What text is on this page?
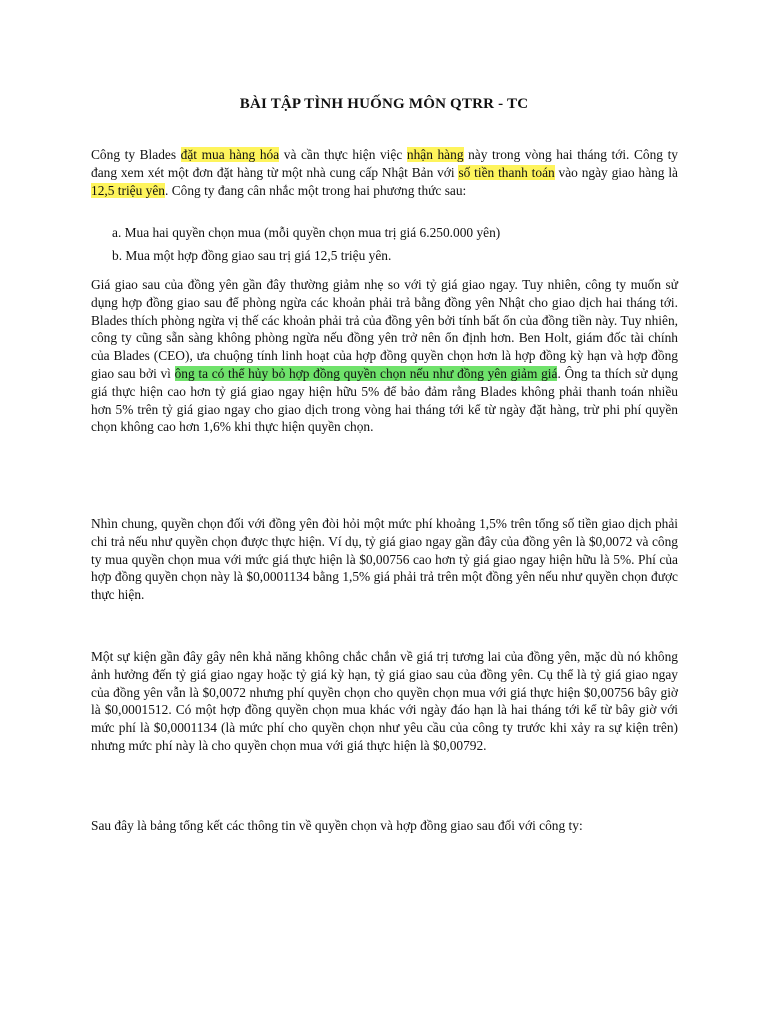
BÀI TẬP TÌNH HUỐNG MÔN QTRR - TC
Công ty Blades đặt mua hàng hóa và cần thực hiện việc nhận hàng này trong vòng hai tháng tới. Công ty đang xem xét một đơn đặt hàng từ một nhà cung cấp Nhật Bản với số tiền thanh toán vào ngày giao hàng là 12,5 triệu yên. Công ty đang cân nhắc một trong hai phương thức sau:
a. Mua hai quyền chọn mua (mỗi quyền chọn mua trị giá 6.250.000 yên)
b. Mua một hợp đồng giao sau trị giá 12,5 triệu yên.
Giá giao sau của đồng yên gần đây thường giảm nhẹ so với tỷ giá giao ngay. Tuy nhiên, công ty muốn sử dụng hợp đồng giao sau để phòng ngừa các khoản phải trả bằng đồng yên Nhật cho giao dịch hai tháng tới. Blades thích phòng ngừa vị thế các khoản phải trả của đồng yên bởi tính bất ổn của đồng tiền này. Tuy nhiên, công ty cũng sẵn sàng không phòng ngừa nếu đồng yên trở nên ổn định hơn. Ben Holt, giám đốc tài chính của Blades (CEO), ưa chuộng tính linh hoạt của hợp đồng quyền chọn hơn là hợp đồng kỳ hạn và hợp đồng giao sau bởi vì ông ta có thể hủy bỏ hợp đồng quyền chọn nếu như đồng yên giảm giá. Ông ta thích sử dụng giá thực hiện cao hơn tỷ giá giao ngay hiện hữu 5% để bảo đảm rằng Blades không phải thanh toán nhiều hơn 5% trên tỷ giá giao ngay cho giao dịch trong vòng hai tháng tới kể từ ngày đặt hàng, trừ phi phí quyền chọn không cao hơn 1,6% khi thực hiện quyền chọn.
Nhìn chung, quyền chọn đối với đồng yên đòi hỏi một mức phí khoảng 1,5% trên tổng số tiền giao dịch phải chi trả nếu như quyền chọn được thực hiện. Ví dụ, tỷ giá giao ngay gần đây của đồng yên là $0,0072 và công ty mua quyền chọn mua với mức giá thực hiện là $0,00756 cao hơn tỷ giá giao ngay hiện hữu là 5%. Phí của hợp đồng quyền chọn này là $0,0001134 bằng 1,5% giá phải trả trên một đồng yên nếu như quyền chọn được thực hiện.
Một sự kiện gần đây gây nên khả năng không chắc chắn về giá trị tương lai của đồng yên, mặc dù nó không ảnh hưởng đến tỷ giá giao ngay hoặc tỷ giá kỳ hạn, tỷ giá giao sau của đồng yên. Cụ thể là tỷ giá giao ngay của đồng yên vẫn là $0,0072 nhưng phí quyền chọn cho quyền chọn mua với giá thực hiện $0,00756 bây giờ là $0,0001512. Có một hợp đồng quyền chọn mua khác với ngày đáo hạn là hai tháng tới kể từ bây giờ với mức phí là $0,0001134 (là mức phí cho quyền chọn như yêu cầu của công ty trước khi xảy ra sự kiện trên) nhưng mức phí này là cho quyền chọn mua với giá thực hiện là $0,00792.
Sau đây là bảng tổng kết các thông tin về quyền chọn và hợp đồng giao sau đối với công ty:
